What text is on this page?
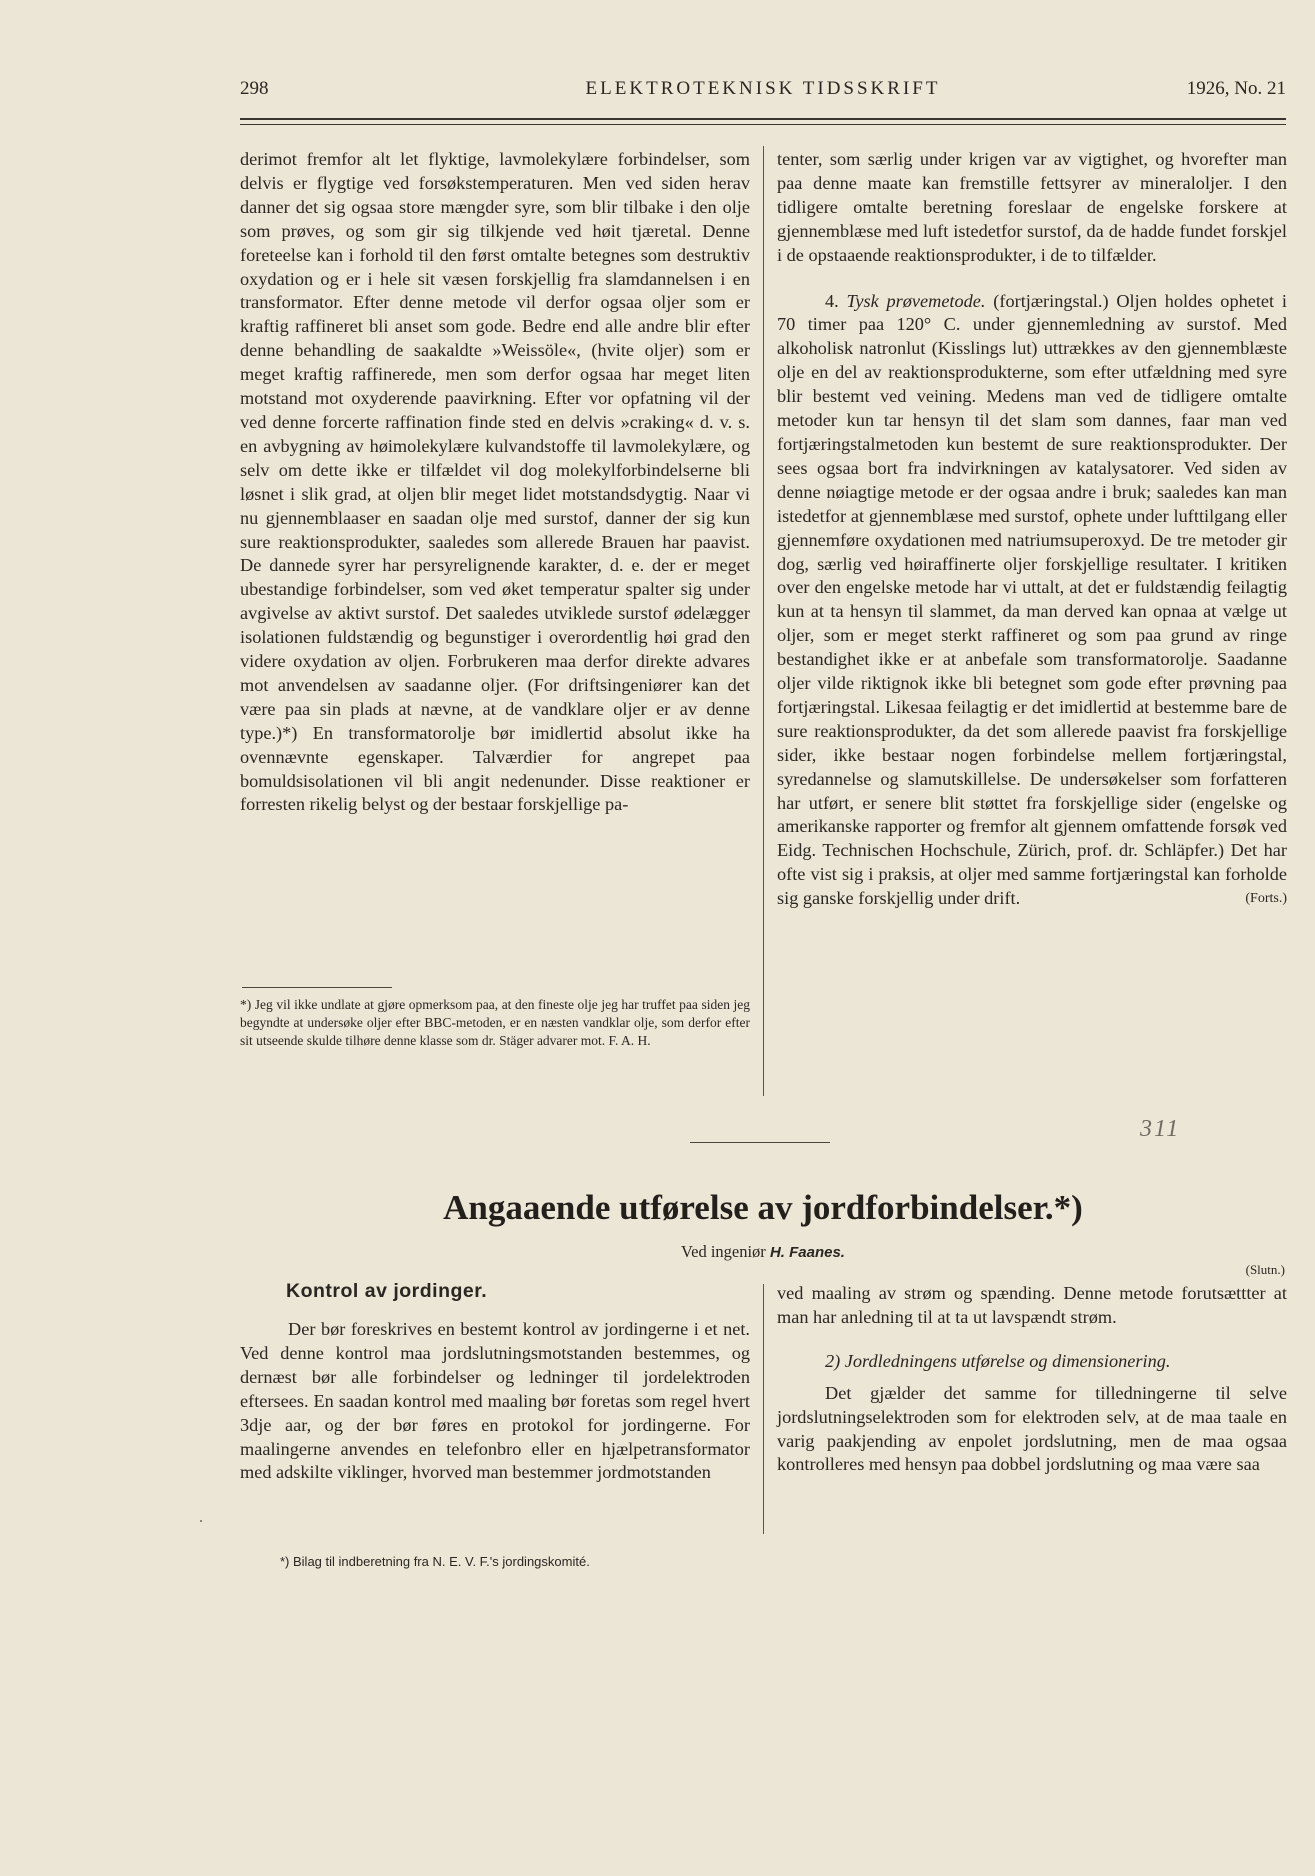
298	ELEKTROTEKNISK TIDSSKRIFT	1926, No. 21

derimot fremfor alt let flyktige, lavmolekylære forbindelser, som delvis er flygtige ved forsøkstemperaturen. Men ved siden herav danner det sig ogsaa store mængder syre, som blir tilbake i den olje som prøves, og som gir sig tilkjende ved høit tjæretal. Denne foreteelse kan i forhold til den først omtalte betegnes som destruktiv oxydation og er i hele sit væsen forskjellig fra slamdannelsen i en transformator. Efter denne metode vil derfor ogsaa oljer som er kraftig raffineret bli anset som gode. Bedre end alle andre blir efter denne behandling de saakaldte »Weissöle«, (hvite oljer) som er meget kraftig raffinerede, men som derfor ogsaa har meget liten motstand mot oxyderende paavirkning. Efter vor opfatning vil der ved denne forcerte raffination finde sted en delvis »craking« d. v. s. en avbygning av høimolekylære kulvandstoffe til lavmolekylære, og selv om dette ikke er tilfældet vil dog molekylforbindelserne bli løsnet i slik grad, at oljen blir meget lidet motstandsdygtig. Naar vi nu gjennemblaaser en saadan olje med surstof, danner der sig kun sure reaktionsprodukter, saaledes som allerede Brauen har paavist. De dannede syrer har persyrelignende karakter, d. e. der er meget ubestandige forbindelser, som ved øket temperatur spalter sig under avgivelse av aktivt surstof. Det saaledes utviklede surstof ødelægger isolationen fuldstændig og begunstiger i overordentlig høi grad den videre oxydation av oljen. Forbrukeren maa derfor direkte advares mot anvendelsen av saadanne oljer. (For driftsingeniører kan det være paa sin plads at nævne, at de vandklare oljer er av denne type.)*) En transformatorolje bør imidlertid absolut ikke ha ovennævnte egenskaper. Talværdier for angrepet paa bomuldsisolationen vil bli angit nedenunder. Disse reaktioner er forresten rikelig belyst og der bestaar forskjellige pa-

tenter, som særlig under krigen var av vigtighet, og hvorefter man paa denne maate kan fremstille fettsyrer av mineraloljer. I den tidligere omtalte beretning foreslaar de engelske forskere at gjennemblæse med luft istedetfor surstof, da de hadde fundet forskjel i de opstaaende reaktionsprodukter, i de to tilfælder.

4. Tysk prøvemetode. (fortjæringstal.) Oljen holdes ophetet i 70 timer paa 120° C. under gjennemledning av surstof. Med alkoholisk natronlut (Kisslings lut) uttrækkes av den gjennemblæste olje en del av reaktionsprodukterne, som efter utfældning med syre blir bestemt ved veining. Medens man ved de tidligere omtalte metoder kun tar hensyn til det slam som dannes, faar man ved fortjæringstalmetoden kun bestemt de sure reaktionsprodukter. Der sees ogsaa bort fra indvirkningen av katalysatorer. Ved siden av denne nøiagtige metode er der ogsaa andre i bruk; saaledes kan man istedetfor at gjennemblæse med surstof, ophete under lufttilgang eller gjennemføre oxydationen med natriumsuperoxyd. De tre metoder gir dog, særlig ved høiraffinerte oljer forskjellige resultater. I kritiken over den engelske metode har vi uttalt, at det er fuldstændig feilagtig kun at ta hensyn til slammet, da man derved kan opnaa at vælge ut oljer, som er meget sterkt raffineret og som paa grund av ringe bestandighet ikke er at anbefale som transformatorolje. Saadanne oljer vilde riktignok ikke bli betegnet som gode efter prøvning paa fortjæringstal. Likesaa feilagtig er det imidlertid at bestemme bare de sure reaktionsprodukter, da det som allerede paavist fra forskjellige sider, ikke bestaar nogen forbindelse mellem fortjæringstal, syredannelse og slamutskillelse. De undersøkelser som forfatteren har utført, er senere blit støttet fra forskjellige sider (engelske og amerikanske rapporter og fremfor alt gjennem omfattende forsøk ved Eidg. Technischen Hochschule, Zürich, prof. dr. Schläpfer.) Det har ofte vist sig i praksis, at oljer med samme fortjæringstal kan forholde sig ganske forskjellig under drift.	(Forts.)

*) Jeg vil ikke undlate at gjøre opmerksom paa, at den fineste olje jeg har truffet paa siden jeg begyndte at undersøke oljer efter BBC-metoden, er en næsten vandklar olje, som derfor efter sit utseende skulde tilhøre denne klasse som dr. Stäger advarer mot. F. A. H.
311
Angaaende utførelse av jordforbindelser.*)
Ved ingeniør H. Faanes.
(Slutn.)
Kontrol av jordinger.

Der bør foreskrives en bestemt kontrol av jordingerne i et net. Ved denne kontrol maa jordslutningsmotstanden bestemmes, og dernæst bør alle forbindelser og ledninger til jordelektroden eftersees. En saadan kontrol med maaling bør foretas som regel hvert 3dje aar, og der bør føres en protokol for jordingerne. For maalingerne anvendes en telefonbro eller en hjælpetransformator med adskilte viklinger, hvorved man bestemmer jordmotstanden

ved maaling av strøm og spænding. Denne metode forutsættter at man har anledning til at ta ut lavspændt strøm.

2) Jordledningens utførelse og dimensionering.

Det gjælder det samme for tilledningerne til selve jordslutningselektroden som for elektroden selv, at de maa taale en varig paakjending av enpolet jordslutning, men de maa ogsaa kontrolleres med hensyn paa dobbel jordslutning og maa være saa

*) Bilag til indberetning fra N. E. V. F.'s jordingskomité.
